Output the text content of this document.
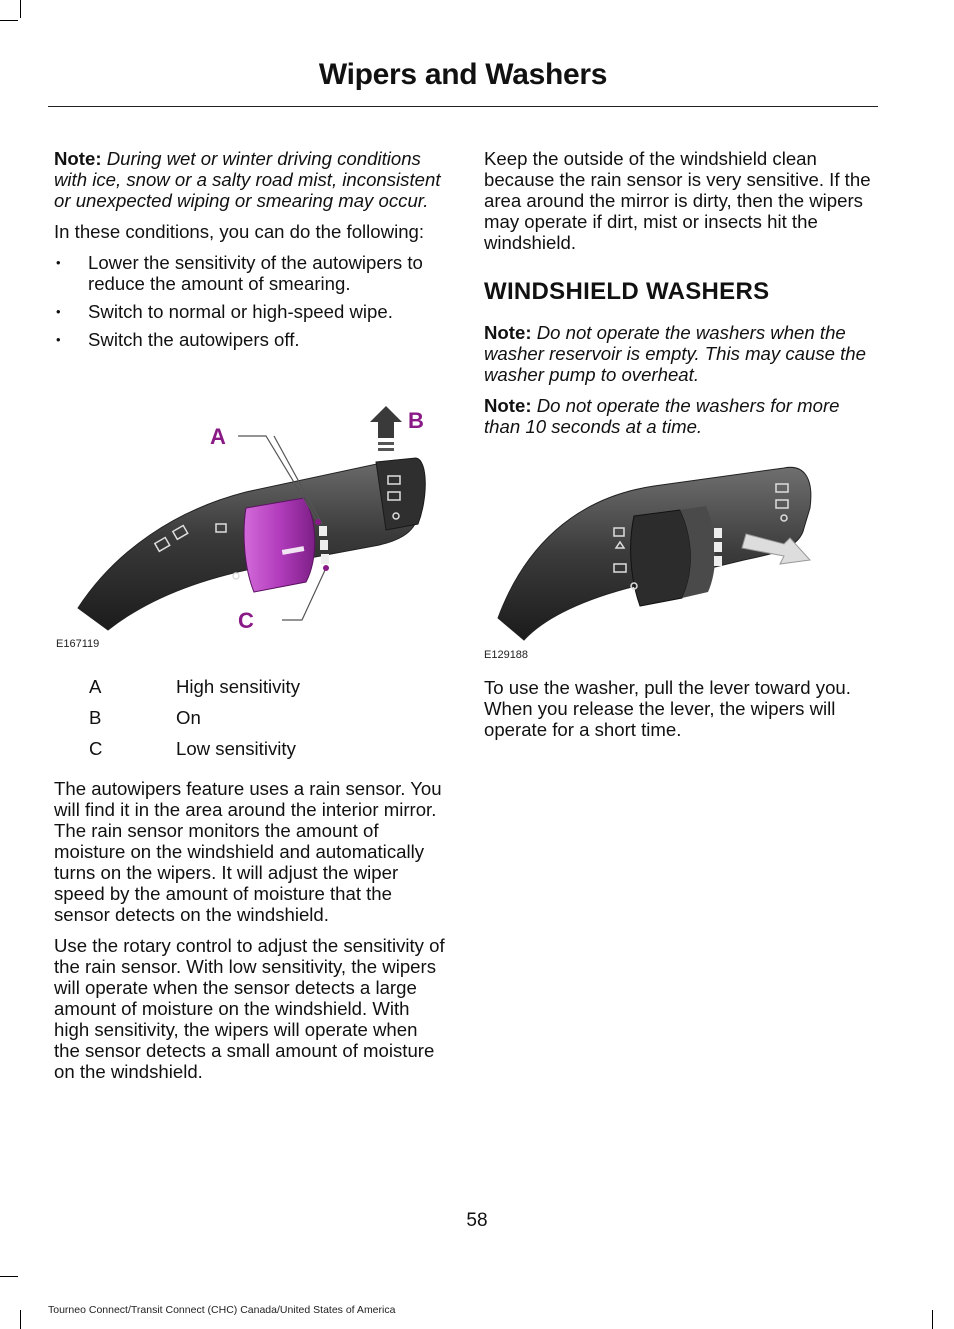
Wipers and Washers

Note: During wet or winter driving conditions with ice, snow or a salty road mist, inconsistent or unexpected wiping or smearing may occur.

In these conditions, you can do the following:

• Lower the sensitivity of the autowipers to reduce the amount of smearing.
• Switch to normal or high-speed wipe.
• Switch the autowipers off.
A
B
C
E167119
A	High sensitivity
B	On
C	Low sensitivity

The autowipers feature uses a rain sensor. You will find it in the area around the interior mirror. The rain sensor monitors the amount of moisture on the windshield and automatically turns on the wipers. It will adjust the wiper speed by the amount of moisture that the sensor detects on the windshield.

Use the rotary control to adjust the sensitivity of the rain sensor. With low sensitivity, the wipers will operate when the sensor detects a large amount of moisture on the windshield. With high sensitivity, the wipers will operate when the sensor detects a small amount of moisture on the windshield.

Keep the outside of the windshield clean because the rain sensor is very sensitive. If the area around the mirror is dirty, then the wipers may operate if dirt, mist or insects hit the windshield.

WINDSHIELD WASHERS

Note: Do not operate the washers when the washer reservoir is empty. This may cause the washer pump to overheat.

Note: Do not operate the washers for more than 10 seconds at a time.

E129188

To use the washer, pull the lever toward you. When you release the lever, the wipers will operate for a short time.

58
Tourneo Connect/Transit Connect (CHC) Canada/United States of America
